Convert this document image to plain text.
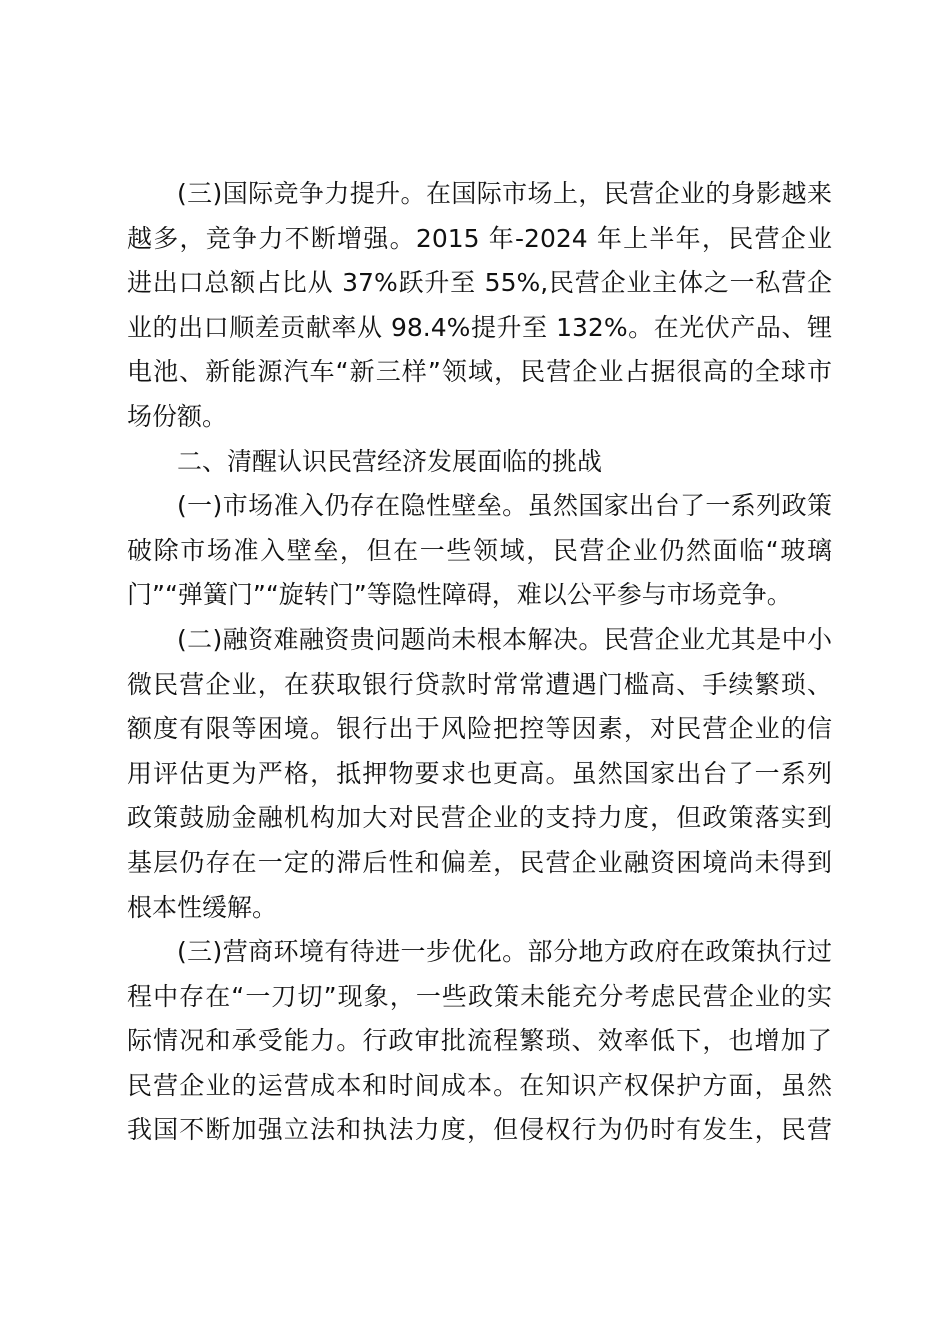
(三)国际竞争力提升。在国际市场上，民营企业的身影越来
越多，竞争力不断增强。2015 年-2024 年上半年，民营企业
进出口总额占比从 37%跃升至 55%,民营企业主体之一私营企
业的出口顺差贡献率从 98.4%提升至 132%。在光伏产品、锂
电池、新能源汽车“新三样”领域，民营企业占据很高的全球市
场份额。
二、清醒认识民营经济发展面临的挑战
(一)市场准入仍存在隐性壁垒。虽然国家出台了一系列政策
破除市场准入壁垒，但在一些领域，民营企业仍然面临“玻璃
门”“弹簧门”“旋转门”等隐性障碍，难以公平参与市场竞争。
(二)融资难融资贵问题尚未根本解决。民营企业尤其是中小
微民营企业，在获取银行贷款时常常遭遇门槛高、手续繁琐、
额度有限等困境。银行出于风险把控等因素，对民营企业的信
用评估更为严格，抵押物要求也更高。虽然国家出台了一系列
政策鼓励金融机构加大对民营企业的支持力度，但政策落实到
基层仍存在一定的滞后性和偏差，民营企业融资困境尚未得到
根本性缓解。
(三)营商环境有待进一步优化。部分地方政府在政策执行过
程中存在“一刀切”现象，一些政策未能充分考虑民营企业的实
际情况和承受能力。行政审批流程繁琐、效率低下，也增加了
民营企业的运营成本和时间成本。在知识产权保护方面，虽然
我国不断加强立法和执法力度，但侵权行为仍时有发生，民营
